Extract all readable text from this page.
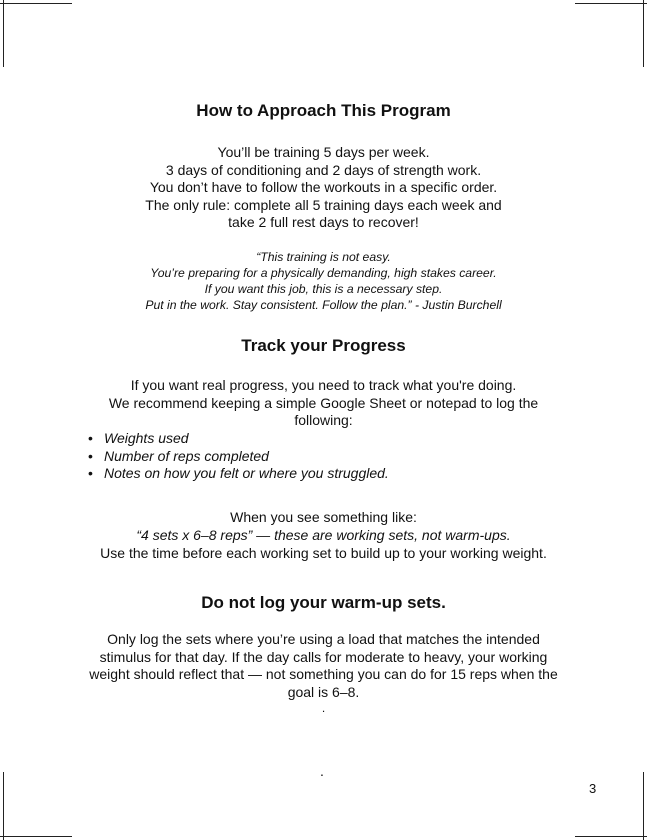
How to Approach This Program
You’ll be training 5 days per week.
3 days of conditioning and 2 days of strength work.
You don’t have to follow the workouts in a specific order.
The only rule: complete all 5 training days each week and
take 2 full rest days to recover!
“This training is not easy.
You’re preparing for a physically demanding, high stakes career.
If you want this job, this is a necessary step.
Put in the work. Stay consistent. Follow the plan.” - Justin Burchell
Track your Progress
If you want real progress, you need to track what you're doing.
We recommend keeping a simple Google Sheet or notepad to log the
following:
• Weights used
• Number of reps completed
• Notes on how you felt or where you struggled.
When you see something like:
“4 sets x 6–8 reps” — these are working sets, not warm-ups.
Use the time before each working set to build up to your working weight.
Do not log your warm-up sets.
Only log the sets where you’re using a load that matches the intended
stimulus for that day. If the day calls for moderate to heavy, your working
weight should reflect that — not something you can do for 15 reps when the
goal is 6–8.
.
.
3
